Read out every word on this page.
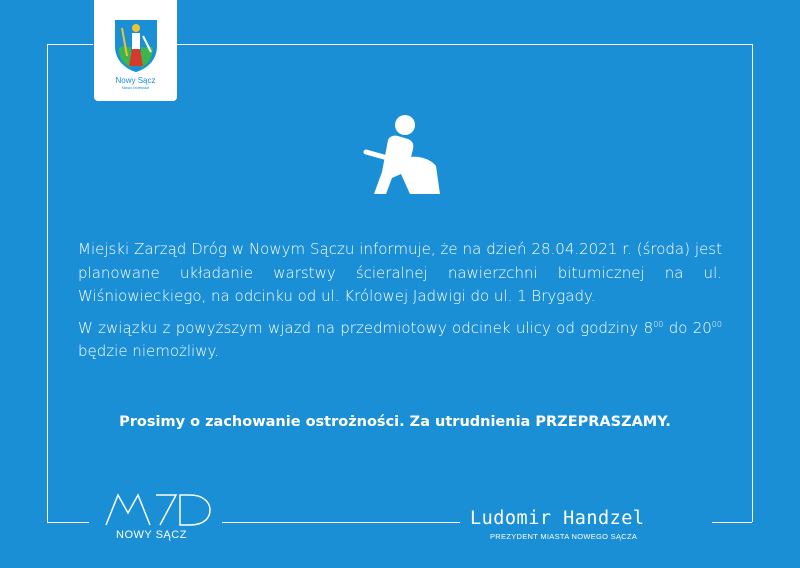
Nowy Sącz
Miasto królewskie

Miejski Zarząd Dróg w Nowym Sączu informuje, że na dzień 28.04.2021 r. (środa) jest planowane układanie warstwy ścieralnej nawierzchni bitumicznej na ul. Wiśniowieckiego, na odcinku od ul. Królowej Jadwigi do ul. 1 Brygady.

W związku z powyższym wjazd na przedmiotowy odcinek ulicy od godziny $8^{00}$ do $20^{00}$ będzie niemożliwy.

Prosimy o zachowanie ostrożności. Za utrudnienia PRZEPRASZAMY.
NOWY SĄCZ
Ludomir Handzel
PREZYDENT MIASTA NOWEGO SĄCZA
